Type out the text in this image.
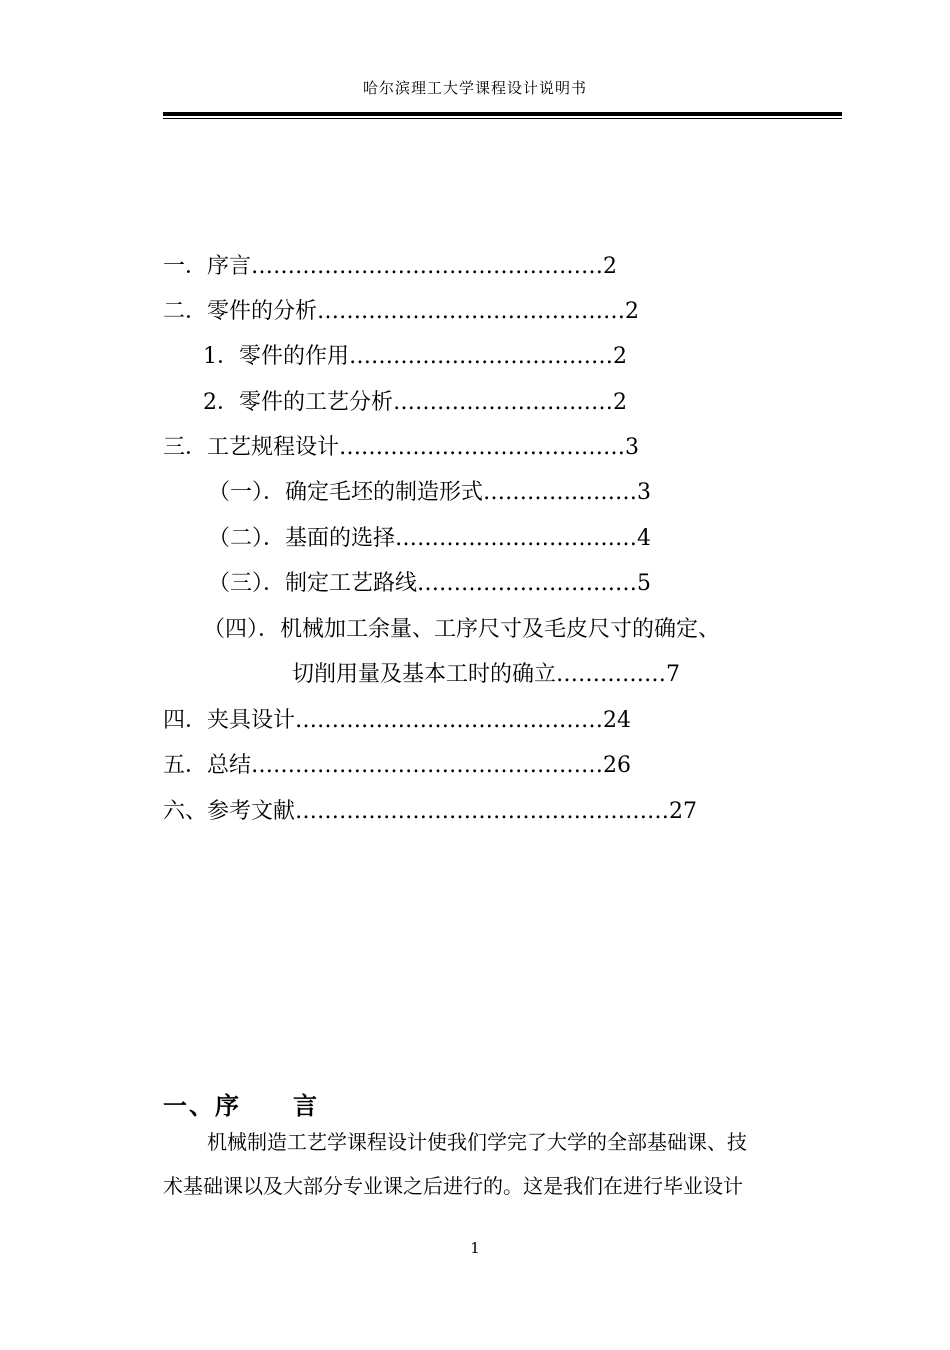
哈尔滨理工大学课程设计说明书
一．序言…………………………………………2
二．零件的分析……………………………………2
1．零件的作用………………………………2
2．零件的工艺分析…………………………2
三．工艺规程设计…………………………………3
（一）．确定毛坯的制造形式…………………3
（二）．基面的选择……………………………4
（三）．制定工艺路线…………………………5
（四）．机械加工余量、工序尺寸及毛皮尺寸的确定、
切削用量及基本工时的确立……………7
四．夹具设计……………………………………24
五．总结…………………………………………26
六、参考文献……………………………………………27
一、序　　言
机械制造工艺学课程设计使我们学完了大学的全部基础课、技
术基础课以及大部分专业课之后进行的。这是我们在进行毕业设计
1
